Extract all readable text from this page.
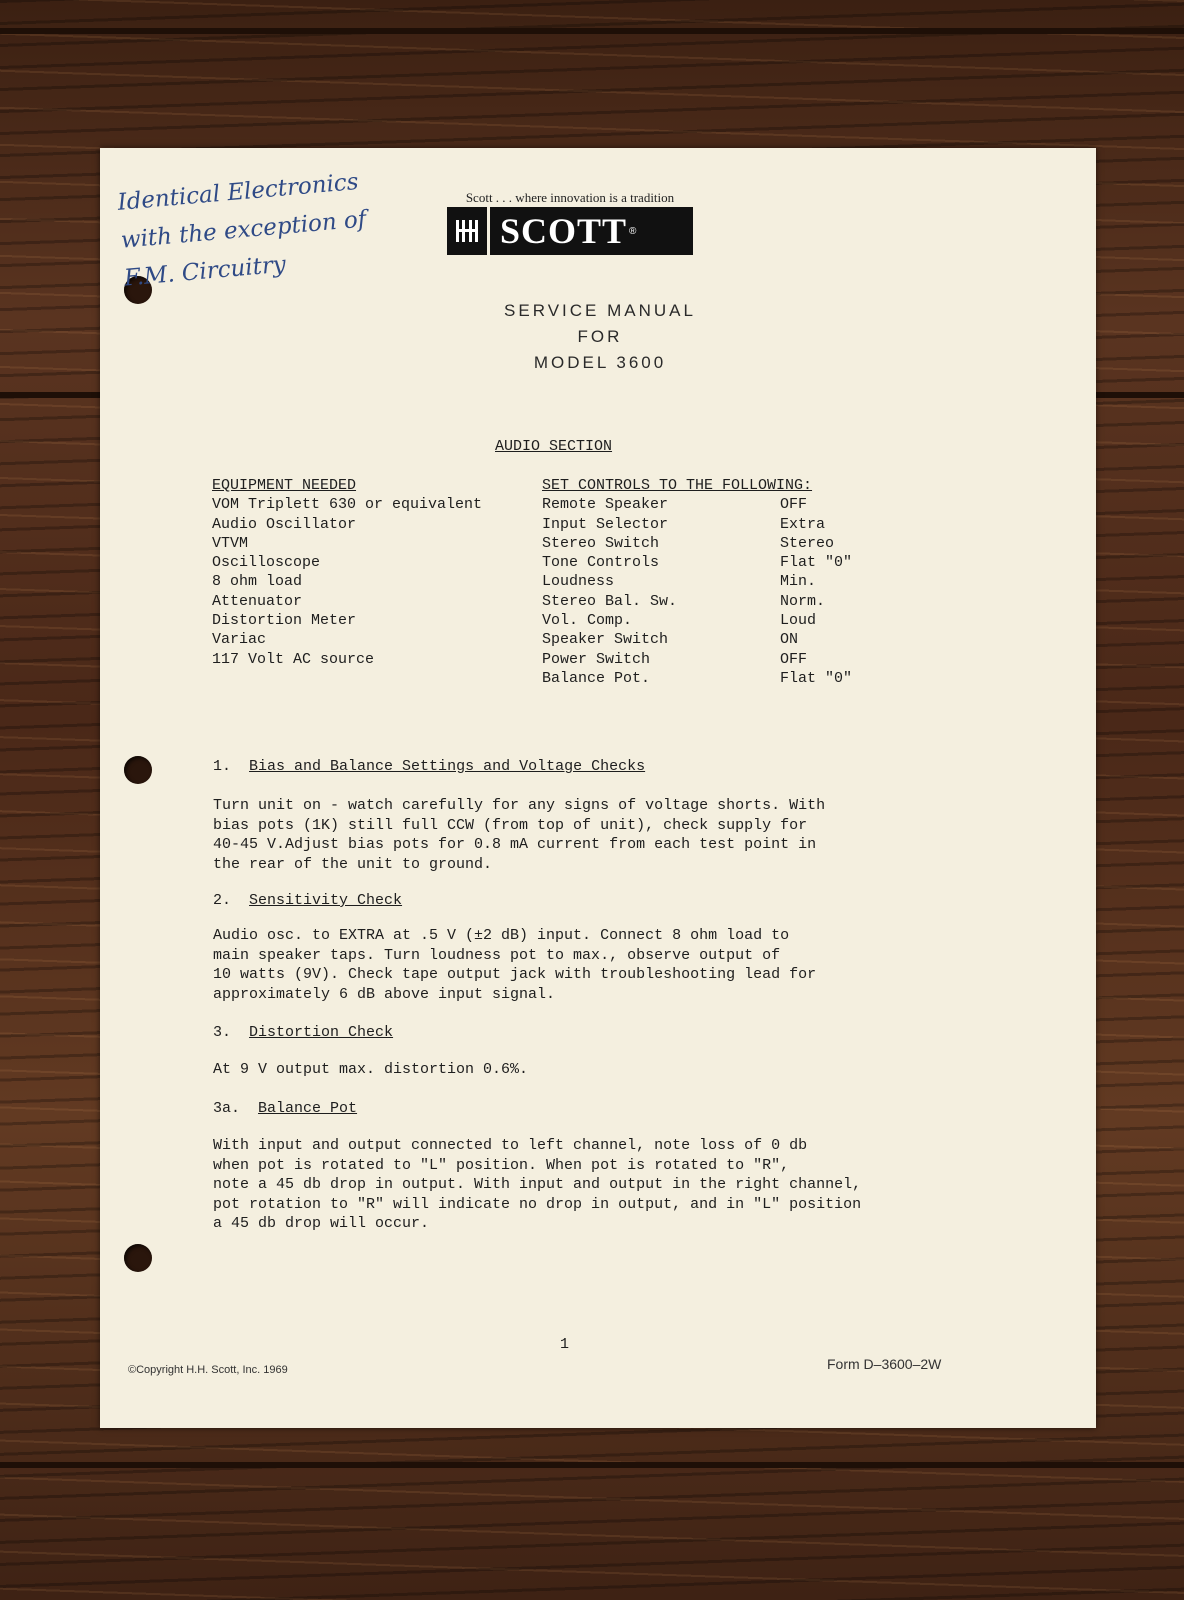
Identical Electronics
with the exception of
F.M. Circuitry
Scott . . . where innovation is a tradition
SCOTT ®
SERVICE MANUAL
FOR
MODEL 3600
AUDIO SECTION
EQUIPMENT NEEDED
VOM Triplett 630 or equivalent
Audio Oscillator
VTVM
Oscilloscope
8 ohm load
Attenuator
Distortion Meter
Variac
117 Volt AC source
SET CONTROLS TO THE FOLLOWING:
Remote Speaker	OFF
Input Selector	Extra
Stereo Switch	Stereo
Tone Controls	Flat "0"
Loudness	Min.
Stereo Bal. Sw.	Norm.
Vol. Comp.	Loud
Speaker Switch	ON
Power Switch	OFF
Balance Pot.	Flat "0"
1. Bias and Balance Settings and Voltage Checks

Turn unit on - watch carefully for any signs of voltage shorts. With

bias pots (1K) still full CCW (from top of unit), check supply for

40-45 V.Adjust bias pots for 0.8 mA current from each test point in

the rear of the unit to ground.

2. Sensitivity Check

Audio osc. to EXTRA at .5 V (±2 dB) input. Connect 8 ohm load to

main speaker taps. Turn loudness pot to max., observe output of

10 watts (9V). Check tape output jack with troubleshooting lead for

approximately 6 dB above input signal.

3. Distortion Check

At 9 V output max. distortion 0.6%.

3a. Balance Pot

With input and output connected to left channel, note loss of 0 db

when pot is rotated to "L" position. When pot is rotated to "R",

note a 45 db drop in output. With input and output in the right channel,

pot rotation to "R" will indicate no drop in output, and in "L" position

a 45 db drop will occur.

1
©Copyright H.H. Scott, Inc. 1969	Form D–3600–2W
